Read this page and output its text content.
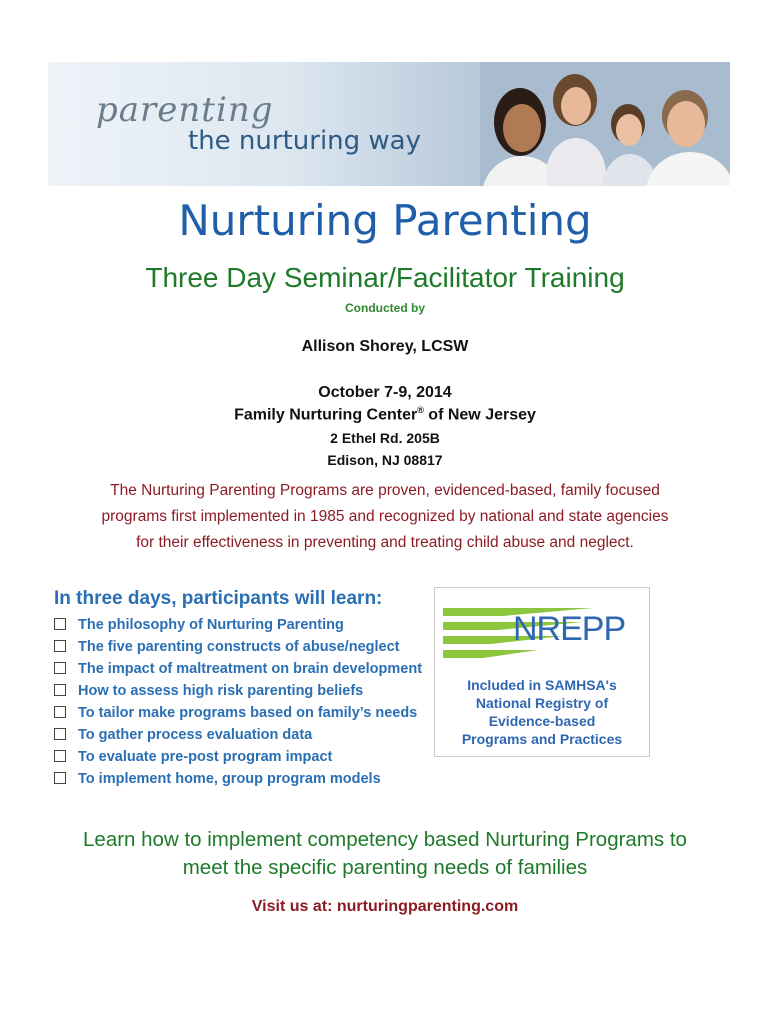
parenting
the nurturing way
Nurturing Parenting
Three Day Seminar/Facilitator Training
Conducted by
Allison Shorey, LCSW
October 7-9, 2014
Family Nurturing Center® of New Jersey
2 Ethel Rd. 205B
Edison, NJ 08817

The Nurturing Parenting Programs are proven, evidenced-based, family focused

programs first implemented in 1985 and recognized by national and state agencies

for their effectiveness in preventing and treating child abuse and neglect.

In three days, participants will learn:
The philosophy of Nurturing Parenting
The five parenting constructs of abuse/neglect
The impact of maltreatment on brain development
How to assess high risk parenting beliefs
To tailor make programs based on family’s needs
To gather process evaluation data
To evaluate pre-post program impact
To implement home, group program models
NREPP

Included in SAMHSA's

National Registry of

Evidence-based

Programs and Practices

Learn how to implement competency based Nurturing Programs to

meet the specific parenting needs of families

Visit us at: nurturingparenting.com
